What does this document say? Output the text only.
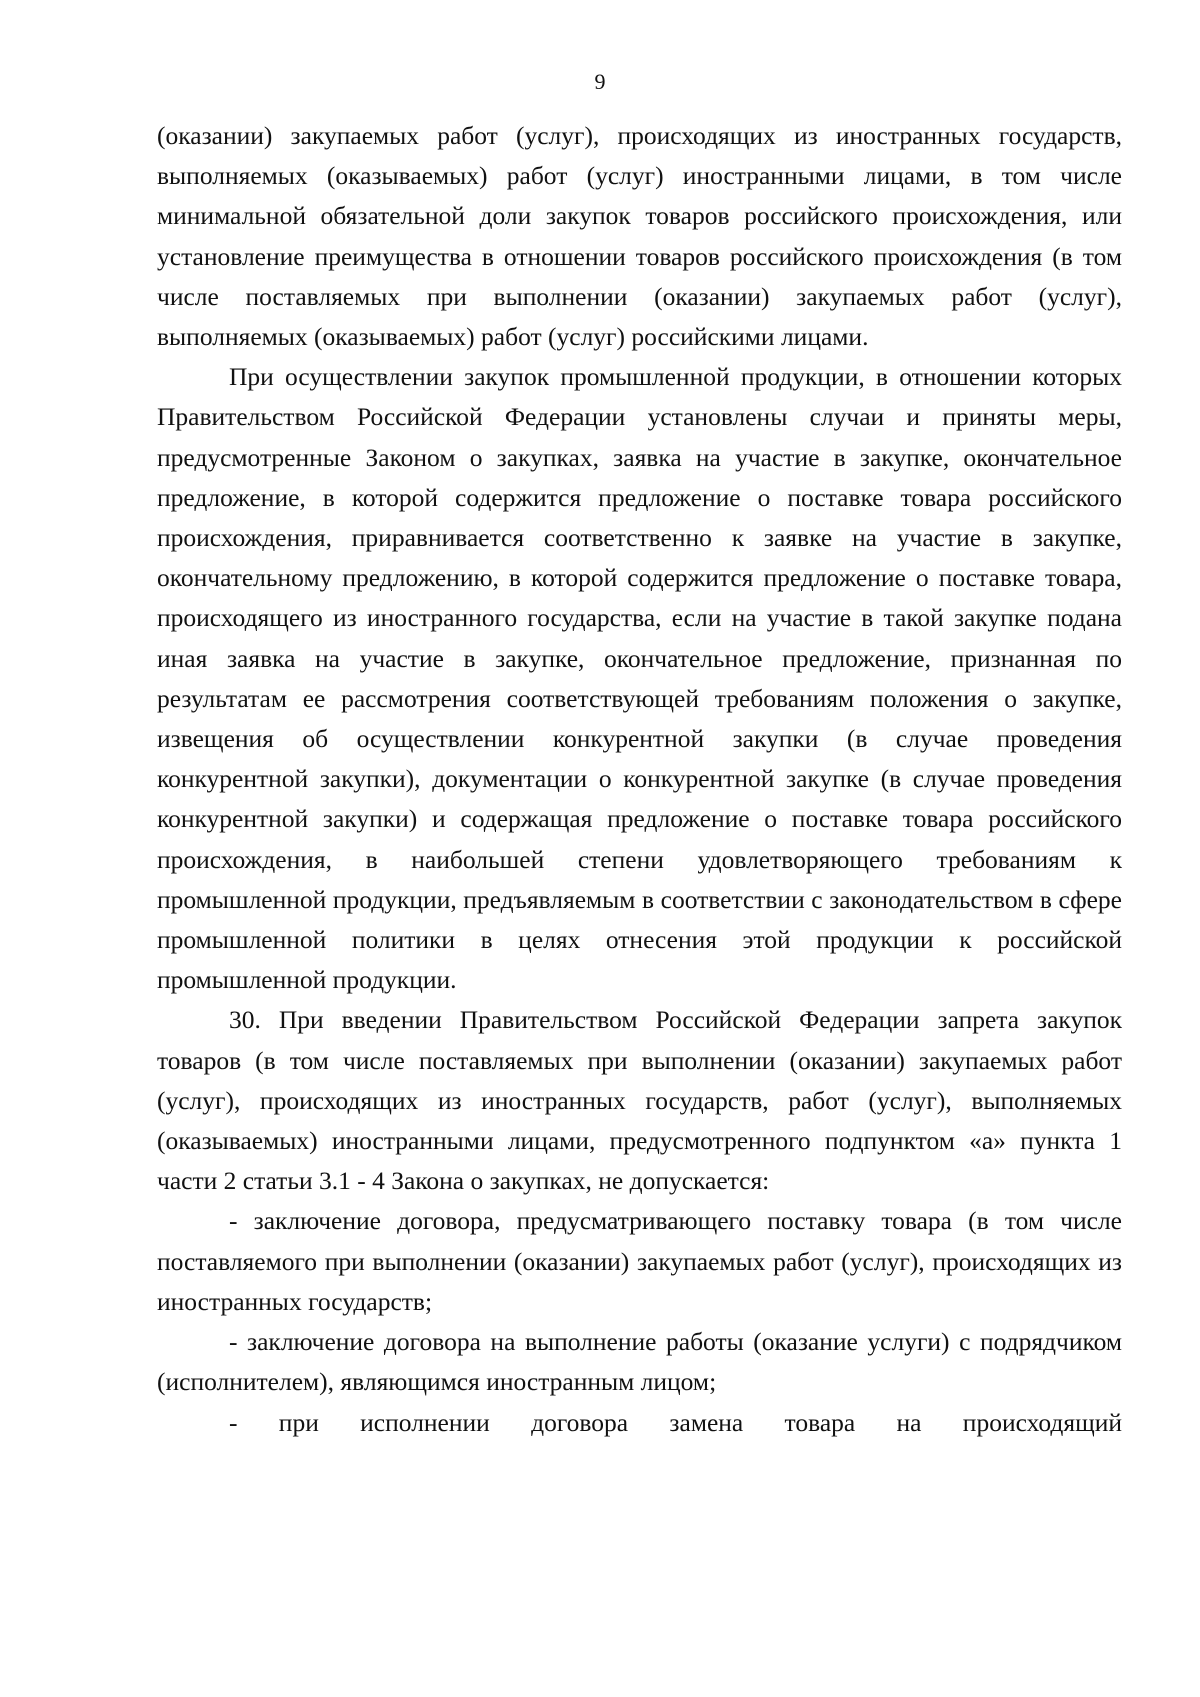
9

(оказании) закупаемых работ (услуг), происходящих из иностранных государств, выполняемых (оказываемых) работ (услуг) иностранными лицами, в том числе минимальной обязательной доли закупок товаров российского происхождения, или установление преимущества в отношении товаров российского происхождения (в том числе поставляемых при выполнении (оказании) закупаемых работ (услуг), выполняемых (оказываемых) работ (услуг) российскими лицами.

При осуществлении закупок промышленной продукции, в отношении которых Правительством Российской Федерации установлены случаи и приняты меры, предусмотренные Законом о закупках, заявка на участие в закупке, окончательное предложение, в которой содержится предложение о поставке товара российского происхождения, приравнивается соответственно к заявке на участие в закупке, окончательному предложению, в которой содержится предложение о поставке товара, происходящего из иностранного государства, если на участие в такой закупке подана иная заявка на участие в закупке, окончательное предложение, признанная по результатам ее рассмотрения соответствующей требованиям положения о закупке, извещения об осуществлении конкурентной закупки (в случае проведения конкурентной закупки), документации о конкурентной закупке (в случае проведения конкурентной закупки) и содержащая предложение о поставке товара российского происхождения, в наибольшей степени удовлетворяющего требованиям к промышленной продукции, предъявляемым в соответствии с законодательством в сфере промышленной политики в целях отнесения этой продукции к российской промышленной продукции.

30. При введении Правительством Российской Федерации запрета закупок товаров (в том числе поставляемых при выполнении (оказании) закупаемых работ (услуг), происходящих из иностранных государств, работ (услуг), выполняемых (оказываемых) иностранными лицами, предусмотренного подпунктом «а» пункта 1 части 2 статьи 3.1 - 4 Закона о закупках, не допускается:

- заключение договора, предусматривающего поставку товара (в том числе поставляемого при выполнении (оказании) закупаемых работ (услуг), происходящих из иностранных государств;

- заключение договора на выполнение работы (оказание услуги) с подрядчиком (исполнителем), являющимся иностранным лицом;

- при исполнении договора замена товара на происходящий
